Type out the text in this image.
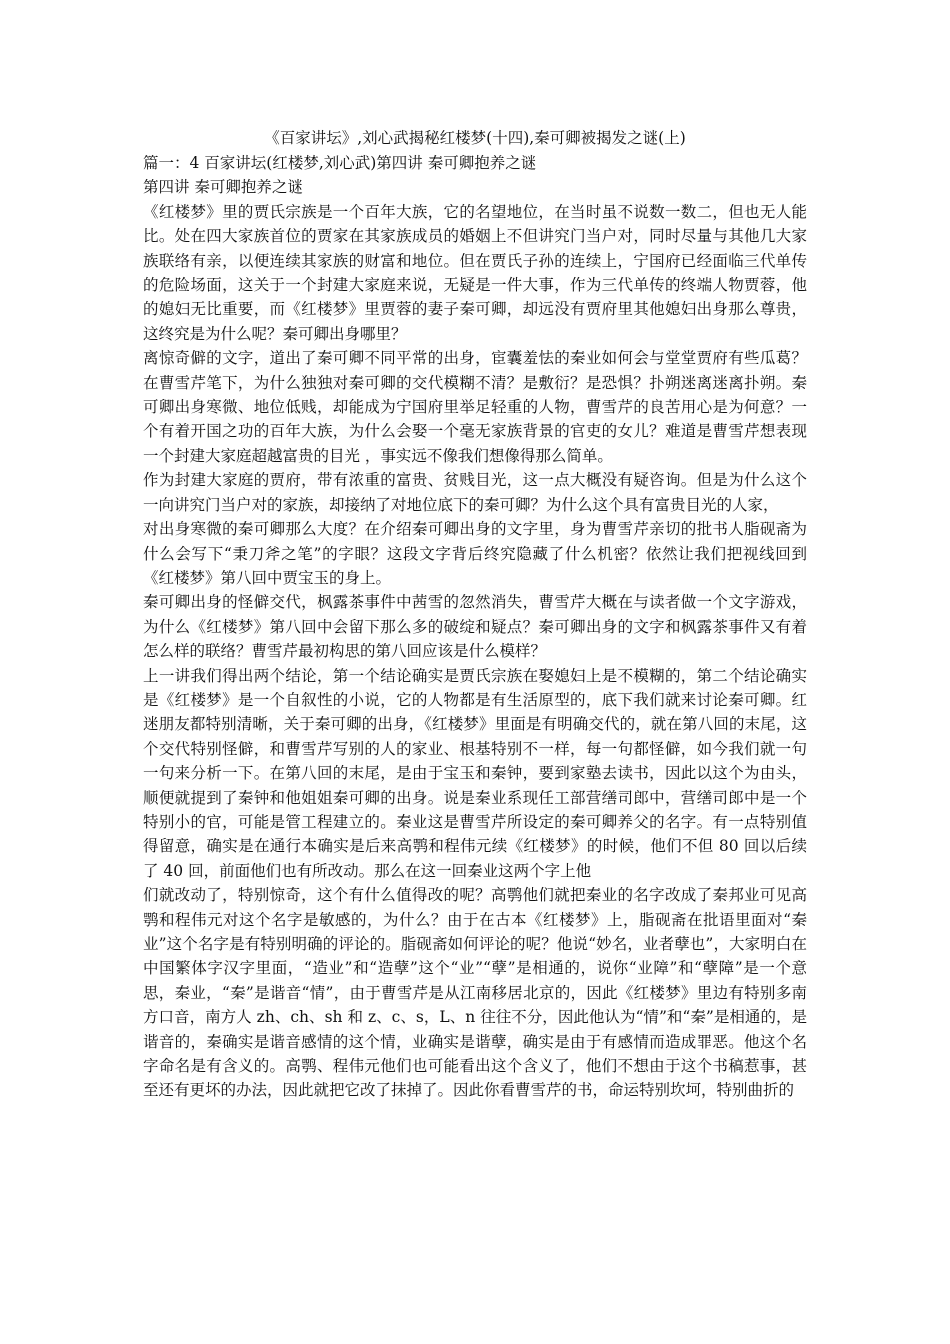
《百家讲坛》,刘心武揭秘红楼梦(十四),秦可卿被揭发之谜(上)

篇一：4 百家讲坛(红楼梦,刘心武)第四讲 秦可卿抱养之谜

第四讲 秦可卿抱养之谜

《红楼梦》里的贾氏宗族是一个百年大族，它的名望地位，在当时虽不说数一数二，但也无人能比。处在四大家族首位的贾家在其家族成员的婚姻上不但讲究门当户对，同时尽量与其他几大家族联络有亲，以便连续其家族的财富和地位。但在贾氏子孙的连续上，宁国府已经面临三代单传的危险场面，这关于一个封建大家庭来说，无疑是一件大事，作为三代单传的终端人物贾蓉，他的媳妇无比重要，而《红楼梦》里贾蓉的妻子秦可卿，却远没有贾府里其他媳妇出身那么尊贵，这终究是为什么呢？秦可卿出身哪里？

离惊奇僻的文字，道出了秦可卿不同平常的出身，宦囊羞怯的秦业如何会与堂堂贾府有些瓜葛？在曹雪芹笔下，为什么独独对秦可卿的交代模糊不清？是敷衍？是恐惧？扑朔迷离迷离扑朔。秦可卿出身寒微、地位低贱，却能成为宁国府里举足轻重的人物，曹雪芹的良苦用心是为何意？一个有着开国之功的百年大族，为什么会娶一个毫无家族背景的官吏的女儿？难道是曹雪芹想表现一个封建大家庭超越富贵的目光 ，事实远不像我们想像得那么简单。

作为封建大家庭的贾府，带有浓重的富贵、贫贱目光，这一点大概没有疑咨询。但是为什么这个一向讲究门当户对的家族，却接纳了对地位底下的秦可卿？为什么这个具有富贵目光的人家，

对出身寒微的秦可卿那么大度？在介绍秦可卿出身的文字里，身为曹雪芹亲切的批书人脂砚斋为什么会写下“秉刀斧之笔”的字眼？这段文字背后终究隐藏了什么机密？依然让我们把视线回到《红楼梦》第八回中贾宝玉的身上。

秦可卿出身的怪僻交代，枫露茶事件中茜雪的忽然消失，曹雪芹大概在与读者做一个文字游戏，为什么《红楼梦》第八回中会留下那么多的破绽和疑点？秦可卿出身的文字和枫露茶事件又有着怎么样的联络？曹雪芹最初构思的第八回应该是什么模样？

上一讲我们得出两个结论，第一个结论确实是贾氏宗族在娶媳妇上是不模糊的，第二个结论确实是《红楼梦》是一个自叙性的小说，它的人物都是有生活原型的，底下我们就来讨论秦可卿。红迷朋友都特别清晰，关于秦可卿的出身，《红楼梦》里面是有明确交代的，就在第八回的末尾，这个交代特别怪僻，和曹雪芹写别的人的家业、根基特别不一样，每一句都怪僻，如今我们就一句一句来分析一下。在第八回的末尾，是由于宝玉和秦钟，要到家塾去读书，因此以这个为由头，顺便就提到了秦钟和他姐姐秦可卿的出身。说是秦业系现任工部营缮司郎中，营缮司郎中是一个特别小的官，可能是管工程建立的。秦业这是曹雪芹所设定的秦可卿养父的名字。有一点特别值得留意，确实是在通行本确实是后来高鹗和程伟元续《红楼梦》的时候，他们不但 80 回以后续了 40 回，前面他们也有所改动。那么在这一回秦业这两个字上他

们就改动了，特别惊奇，这个有什么值得改的呢？高鹗他们就把秦业的名字改成了秦邦业可见高鹗和程伟元对这个名字是敏感的，为什么？由于在古本《红楼梦》上，脂砚斋在批语里面对“秦业”这个名字是有特别明确的评论的。脂砚斋如何评论的呢？他说“妙名，业者孽也”，大家明白在中国繁体字汉字里面，“造业”和“造孽”这个“业”“孽”是相通的，说你“业障”和“孽障”是一个意思，秦业，“秦”是谐音“情”，由于曹雪芹是从江南移居北京的，因此《红楼梦》里边有特别多南方口音，南方人 zh、ch、sh 和 z、c、s，L、n 往往不分，因此他认为“情”和“秦”是相通的，是谐音的，秦确实是谐音感情的这个情，业确实是谐孽，确实是由于有感情而造成罪恶。他这个名字命名是有含义的。高鹗、程伟元他们也可能看出这个含义了，他们不想由于这个书稿惹事，甚至还有更坏的办法，因此就把它改了抹掉了。因此你看曹雪芹的书，命运特别坎坷，特别曲折的
